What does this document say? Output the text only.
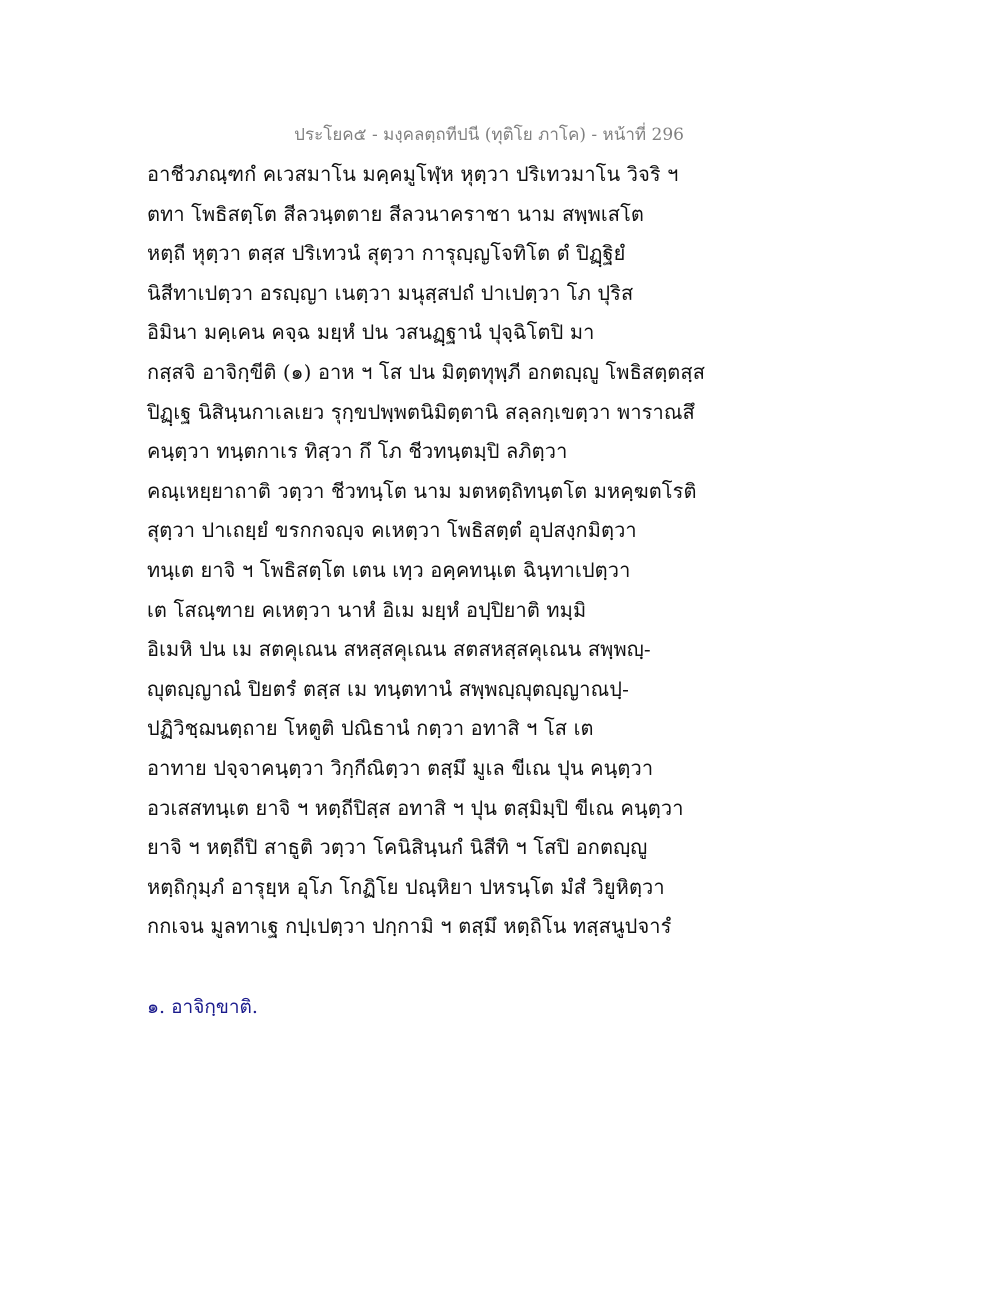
ประโยค๕ - มงฺคลตฺถทีปนี (ทุติโย ภาโค) - หน้าที่ 296
อาชีวภณฺฑกํ คเวสมาโน มคฺคมูโฬฺห หุตฺวา ปริเทวมาโน วิจริ ฯ
ตทา โพธิสตฺโต สีลวนฺตตาย สีลวนาคราชา นาม สพฺพเสโต
หตฺถี หุตฺวา ตสฺส ปริเทวนํ สุตฺวา การุญฺญโจทิโต ตํ ปิฏฺฐิยํ
นิสีทาเปตฺวา อรญฺญา เนตฺวา มนุสฺสปถํ ปาเปตฺวา โภ ปุริส
อิมินา มคฺเคน คจฺฉ มยฺหํ ปน วสนฏฺฐานํ ปุจฺฉิโตปิ มา
กสฺสจิ อาจิกฺขีติ (๑) อาห ฯ โส ปน มิตฺตทุพฺภี อกตญฺญู โพธิสตฺตสฺส
ปิฏฺเฐ นิสินฺนกาเลเยว รุกฺขปพฺพตนิมิตฺตานิ สลฺลกฺเขตฺวา พาราณสึ
คนฺตฺวา ทนฺตกาเร ทิสฺวา กึ โภ ชีวทนฺตมฺปิ ลภิตฺวา
คณฺเหยฺยาถาติ วตฺวา ชีวทนฺโต นาม มตหตฺถิทนฺตโต มหคฺฆตโรติ
สุตฺวา ปาเถยฺยํ ขรกกจญฺจ คเหตฺวา โพธิสตฺตํ อุปสงฺกมิตฺวา
ทนฺเต ยาจิ ฯ โพธิสตฺโต เตน เทฺว อคฺคทนฺเต ฉินฺทาเปตฺวา
เต โสณฺฑาย คเหตฺวา นาหํ อิเม มยฺหํ อปฺปิยาติ ทมฺมิ
อิเมหิ ปน เม สตคุเณน สหสฺสคุเณน สตสหสฺสคุเณน สพฺพญฺ-
ญุตญฺญาณํ ปิยตรํ ตสฺส เม ทนฺตทานํ สพฺพญฺญุตญฺญาณปฺ-
ปฏิวิชฺฌนตฺถาย โหตูติ ปณิธานํ กตฺวา อทาสิ ฯ โส เต
อาทาย ปจฺจาคนฺตฺวา วิกฺกีณิตฺวา ตสฺมึ มูเล ขีเณ ปุน คนฺตฺวา
อวเสสทนฺเต ยาจิ ฯ หตฺถีปิสฺส อทาสิ ฯ ปุน ตสฺมิมฺปิ ขีเณ คนฺตฺวา
ยาจิ ฯ หตฺถีปิ สาธูติ วตฺวา โคนิสินฺนกํ นิสีทิ ฯ โสปิ อกตญฺญู
หตฺถิกุมฺภํ อารุยฺห อุโภ โกฏิโย ปณฺหิยา ปหรนฺโต มํสํ วิยูหิตฺวา
กกเจน มูลทาเฐ กปฺเปตฺวา ปกฺกามิ ฯ ตสฺมึ หตฺถิโน ทสฺสนูปจารํ
๑. อาจิกฺขาติ.
